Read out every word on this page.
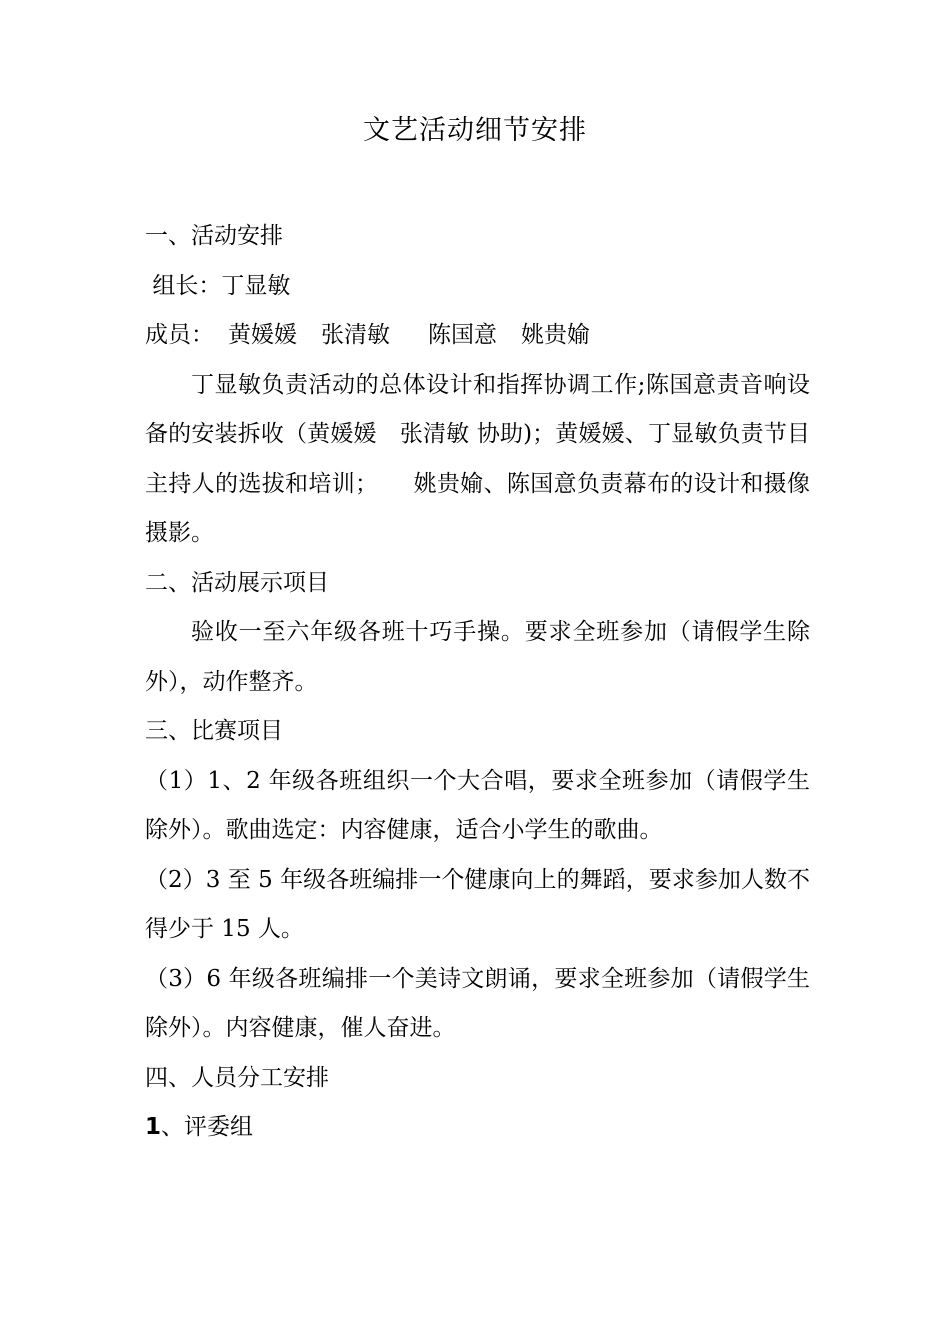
文艺活动细节安排
一、活动安排
组长：丁显敏
成员： 黄媛媛 张清敏 陈国意 姚贵媮
丁显敏负责活动的总体设计和指挥协调工作;陈国意责音响设备的安装拆收（黄媛媛　张清敏 协助)；黄媛媛、丁显敏负责节目主持人的选拔和培训；　　姚贵媮、陈国意负责幕布的设计和摄像摄影。
二、活动展示项目
验收一至六年级各班十巧手操。要求全班参加（请假学生除外），动作整齐。
三、比赛项目
（1）1、2 年级各班组织一个大合唱，要求全班参加（请假学生除外）。歌曲选定：内容健康，适合小学生的歌曲。
（2）3 至 5 年级各班编排一个健康向上的舞蹈，要求参加人数不得少于 15 人。
（3）6 年级各班编排一个美诗文朗诵，要求全班参加（请假学生除外）。内容健康，催人奋进。
四、人员分工安排
1、评委组
